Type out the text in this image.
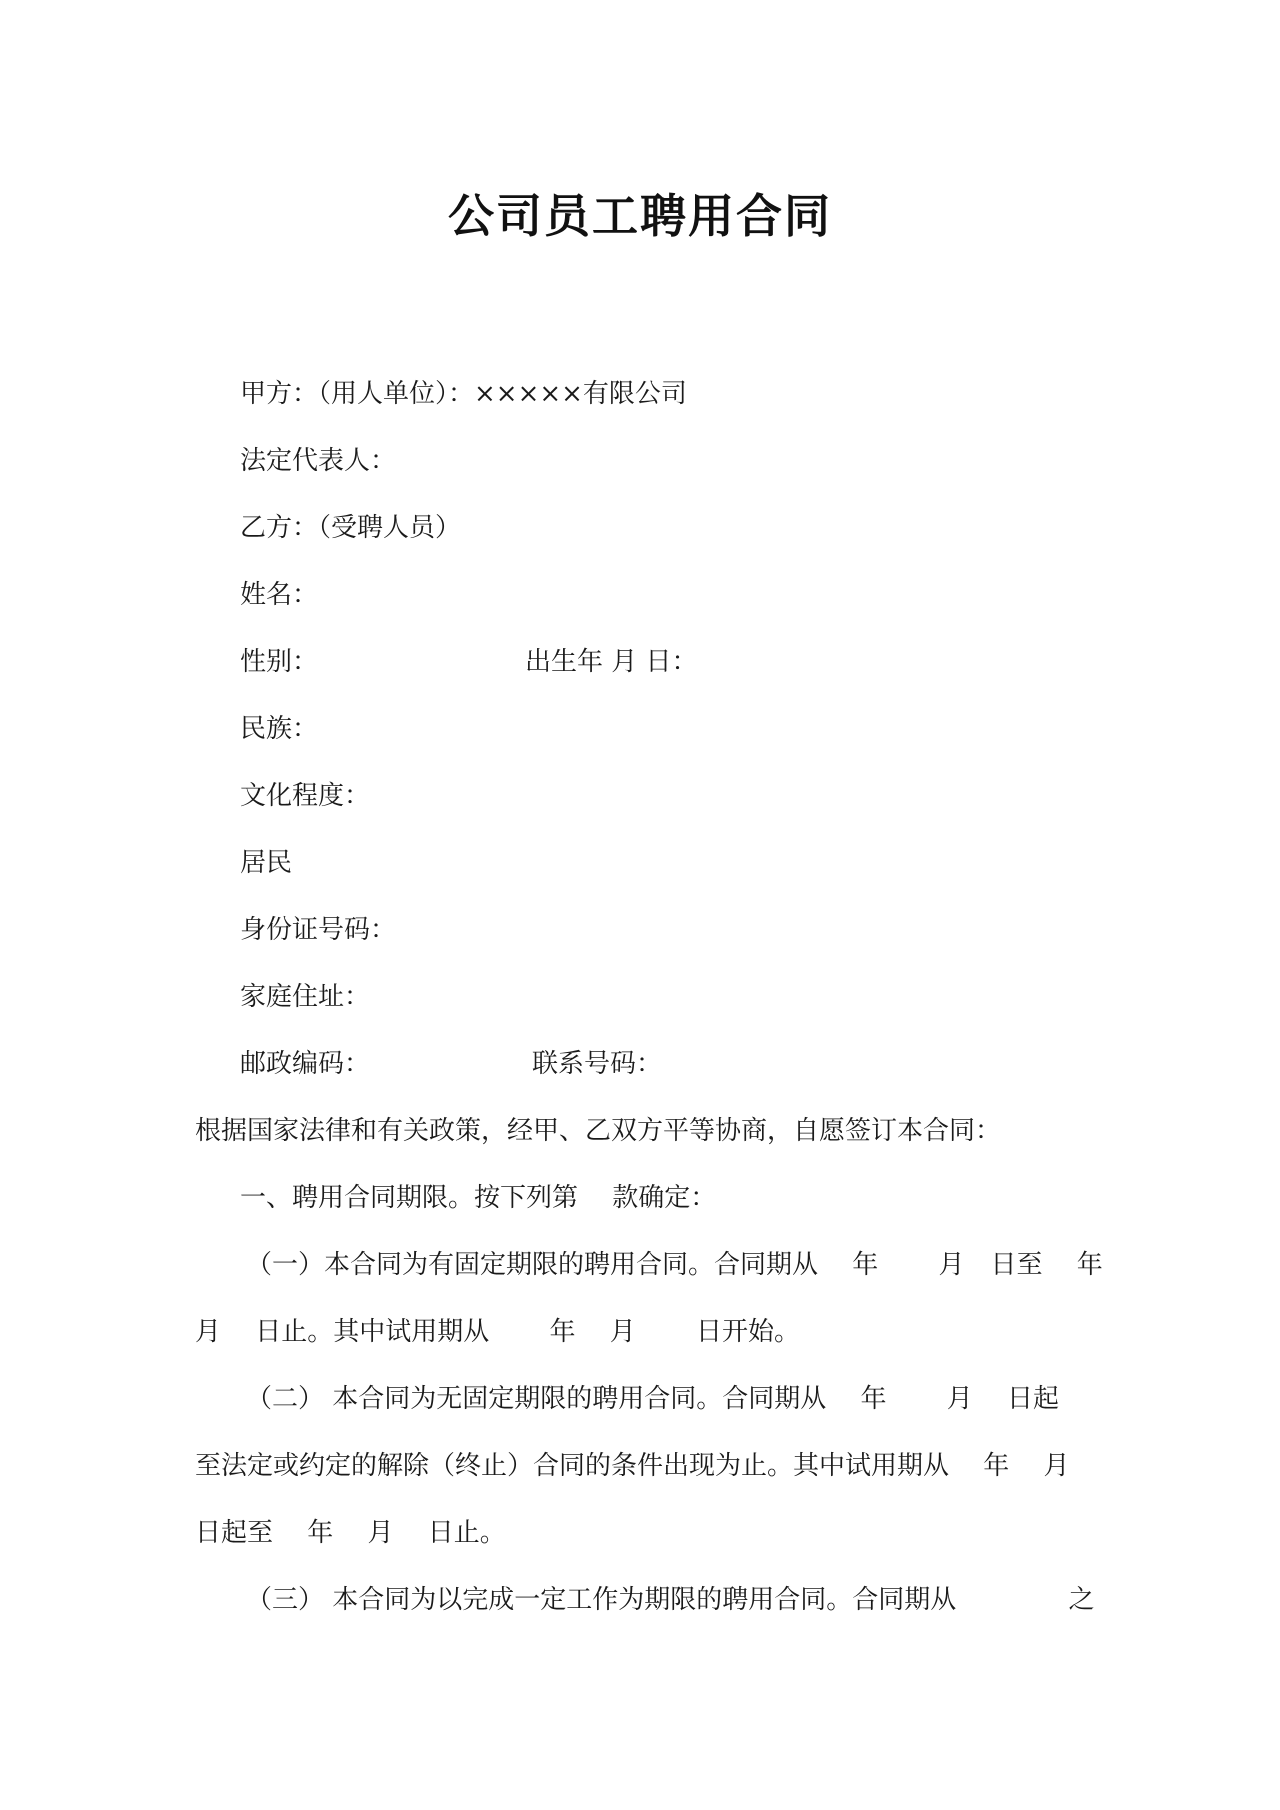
公司员工聘用合同
甲方：（用人单位）：×××××有限公司
法定代表人：
乙方：（受聘人员）
姓名：
性别：	出生年 月 日：
民族：
文化程度：
居民
身份证号码：
家庭住址：
邮政编码：	联系号码：
根据国家法律和有关政策，经甲、乙双方平等协商，自愿签订本合同：
一、聘用合同期限。按下列第　 款确定：
（一）本合同为有固定期限的聘用合同。合同期从　 年　　 月　日至　 年
月　 日止。其中试用期从　　 年　 月　　 日开始。
（二） 本合同为无固定期限的聘用合同。合同期从　 年　　 月　 日起
至法定或约定的解除（终止）合同的条件出现为止。其中试用期从　 年　 月
日起至　 年　 月　 日止。
（三） 本合同为以完成一定工作为期限的聘用合同。合同期从　　　　 之
